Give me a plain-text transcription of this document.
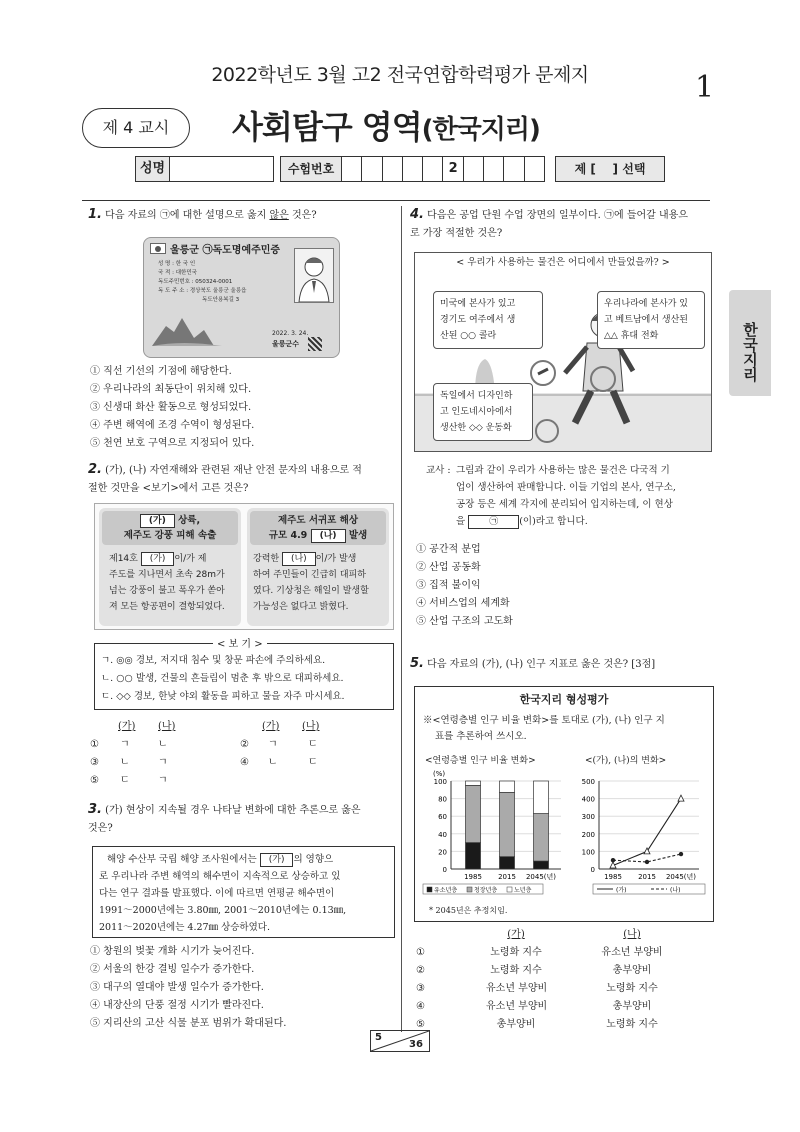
2022학년도 3월 고2 전국연합학력평가 문제지	1
제 4 교시	사회탐구 영역(한국지리)
성명	수험번호	2	제 [    ] 선택
한국지리
1. 다음 자료의 ㉠에 대한 설명으로 옳지 않은 것은?
울릉군 ㉠독도명예주민증
성 명 : 한 국 인
국 적 : 대한민국
독도주민번호 : 050324-0001
독 도 주 소 : 경상북도 울릉군 울릉읍
독도안용복길 3
2022. 3. 24.
울릉군수
① 직선 기선의 기점에 해당한다.
② 우리나라의 최동단이 위치해 있다.
③ 신생대 화산 활동으로 형성되었다.
④ 주변 해역에 조경 수역이 형성된다.
⑤ 천연 보호 구역으로 지정되어 있다.
2. (가), (나) 자연재해와 관련된 재난 안전 문자의 내용으로 적
절한 것만을 <보기>에서 고른 것은?
(가) 상륙,
제주도 강풍 피해 속출
제14호 (가) 이/가 제
주도를 지나면서 초속 28m가
넘는 강풍이 불고 폭우가 쏟아
져 모든 항공편이 결항되었다.
제주도 서귀포 해상
규모 4.9 (나) 발생
강력한 (나) 이/가 발생
하여 주민들이 긴급히 대피하
였다. 기상청은 해일이 발생할
가능성은 없다고 밝혔다.
< 보 기 >
ㄱ. ◎◎ 경보, 저지대 침수 및 창문 파손에 주의하세요.
ㄴ. ○○ 발생, 건물의 흔들림이 멈춘 후 밖으로 대피하세요.
ㄷ. ◇◇ 경보, 한낮 야외 활동을 피하고 물을 자주 마시세요.
(가) (나)	(가) (나)
① ㄱ	ㄴ	② ㄱ	ㄷ
③ ㄴ	ㄱ	④ ㄴ	ㄷ
⑤ ㄷ	ㄱ
3. (가) 현상이 지속될 경우 나타날 변화에 대한 추론으로 옳은
것은?
해양 수산부 국립 해양 조사원에서는 (가) 의 영향으
로 우리나라 주변 해역의 해수면이 지속적으로 상승하고 있
다는 연구 결과를 발표했다. 이에 따르면 연평균 해수면이
1991～2000년에는 3.80㎜, 2001～2010년에는 0.13㎜,
2011～2020년에는 4.27㎜ 상승하였다.
① 창원의 벚꽃 개화 시기가 늦어진다.
② 서울의 한강 결빙 일수가 증가한다.
③ 대구의 열대야 발생 일수가 증가한다.
④ 내장산의 단풍 절정 시기가 빨라진다.
⑤ 지리산의 고산 식물 분포 범위가 확대된다.
4. 다음은 공업 단원 수업 장면의 일부이다. ㉠에 들어갈 내용으
로 가장 적절한 것은?
< 우리가 사용하는 물건은 어디에서 만들었을까? >
미국에 본사가 있고
경기도 여주에서 생
산된 ○○ 콜라
우리나라에 본사가 있
고 베트남에서 생산된
△△ 휴대 전화
독일에서 디자인하
고 인도네시아에서
생산한 ◇◇ 운동화
교사 : 그림과 같이 우리가 사용하는 많은 물건은 다국적 기
업이 생산하여 판매합니다. 이들 기업의 본사, 연구소,
공장 등은 세계 각지에 분리되어 입지하는데, 이 현상
을 ㉠ (이)라고 합니다.
① 공간적 분업
② 산업 공동화
③ 집적 불이익
④ 서비스업의 세계화
⑤ 산업 구조의 고도화
5. 다음 자료의 (가), (나) 인구 지표로 옳은 것은? [3점]
한국지리 형성평가
※<연령층별 인구 비율 변화>를 토대로 (가), (나) 인구 지
표를 추론하여 쓰시오.
<연령층별 인구 비율 변화>	<(가), (나)의 변화>
(%)
0
20
40
60
80
100
1985 2015 2045(년)
유소년층	청장년층	노년층
0
100
200
300
400
500
1985 2015 2045(년)
(가)	(나)
* 2045년은 추정치임.
(가)	(나)
①	노령화 지수	유소년 부양비
②	노령화 지수	총부양비
③	유소년 부양비	노령화 지수
④	유소년 부양비	총부양비
⑤	총부양비	노령화 지수
5
36
